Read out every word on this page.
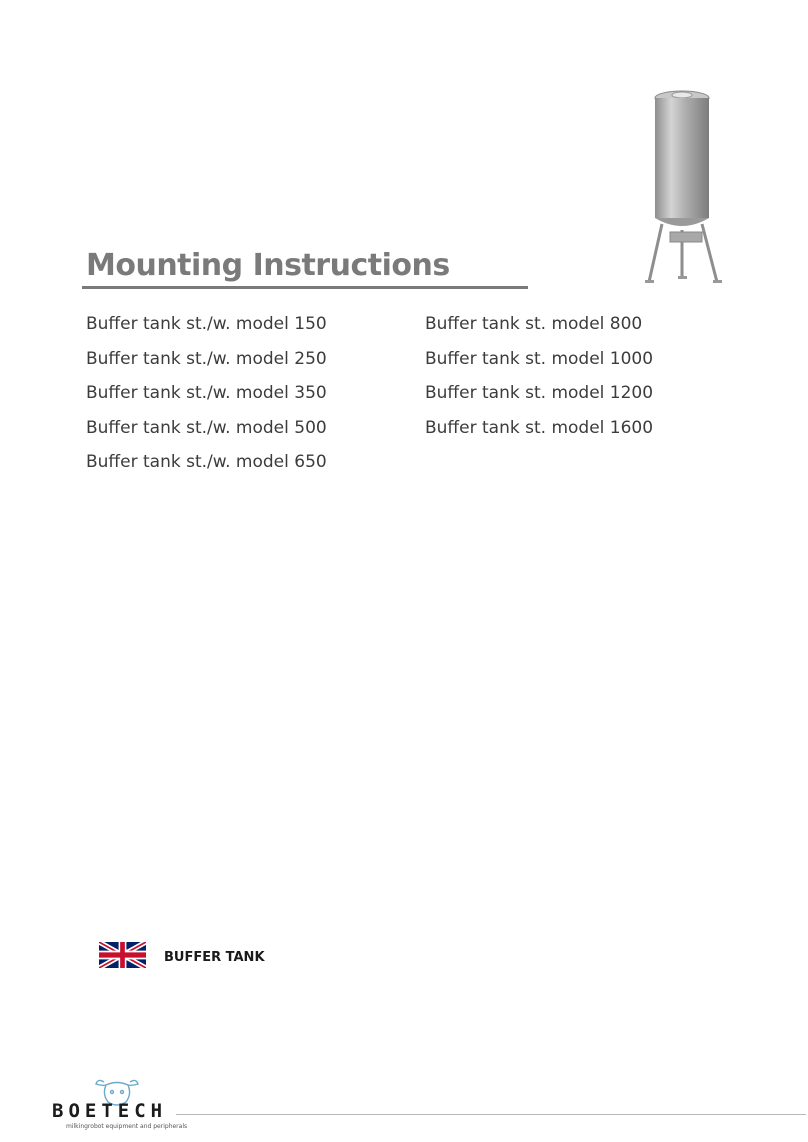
Mounting Instructions
Buffer tank st./w. model 150
Buffer tank st./w. model 250
Buffer tank st./w. model 350
Buffer tank st./w. model 500
Buffer tank st./w. model 650
Buffer tank st. model 800
Buffer tank st. model 1000
Buffer tank st. model 1200
Buffer tank st. model 1600
BUFFER TANK
BOETECH
milkingrobot equipment and peripherals
